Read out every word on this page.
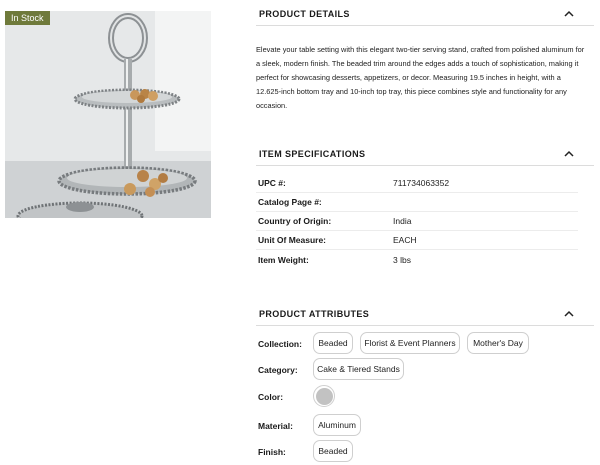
In Stock	PRODUCT DETAILS

Elevate your table setting with this elegant two-tier serving stand, crafted from polished aluminum for a sleek, modern finish. The beaded trim around the edges adds a touch of sophistication, making it perfect for showcasing desserts, appetizers, or decor. Measuring 19.5 inches in height, with a 12.625-inch bottom tray and 10-inch top tray, this piece combines style and functionality for any occasion.

ITEM SPECIFICATIONS
UPC #:	711734063352
Catalog Page #:
Country of Origin:	India
Unit Of Measure:	EACH
Item Weight:	3 lbs
PRODUCT ATTRIBUTES
Collection:	Beaded	Florist & Event Planners	Mother's Day
Category:	Cake & Tiered Stands
Color:
Material:	Aluminum
Finish:	Beaded
